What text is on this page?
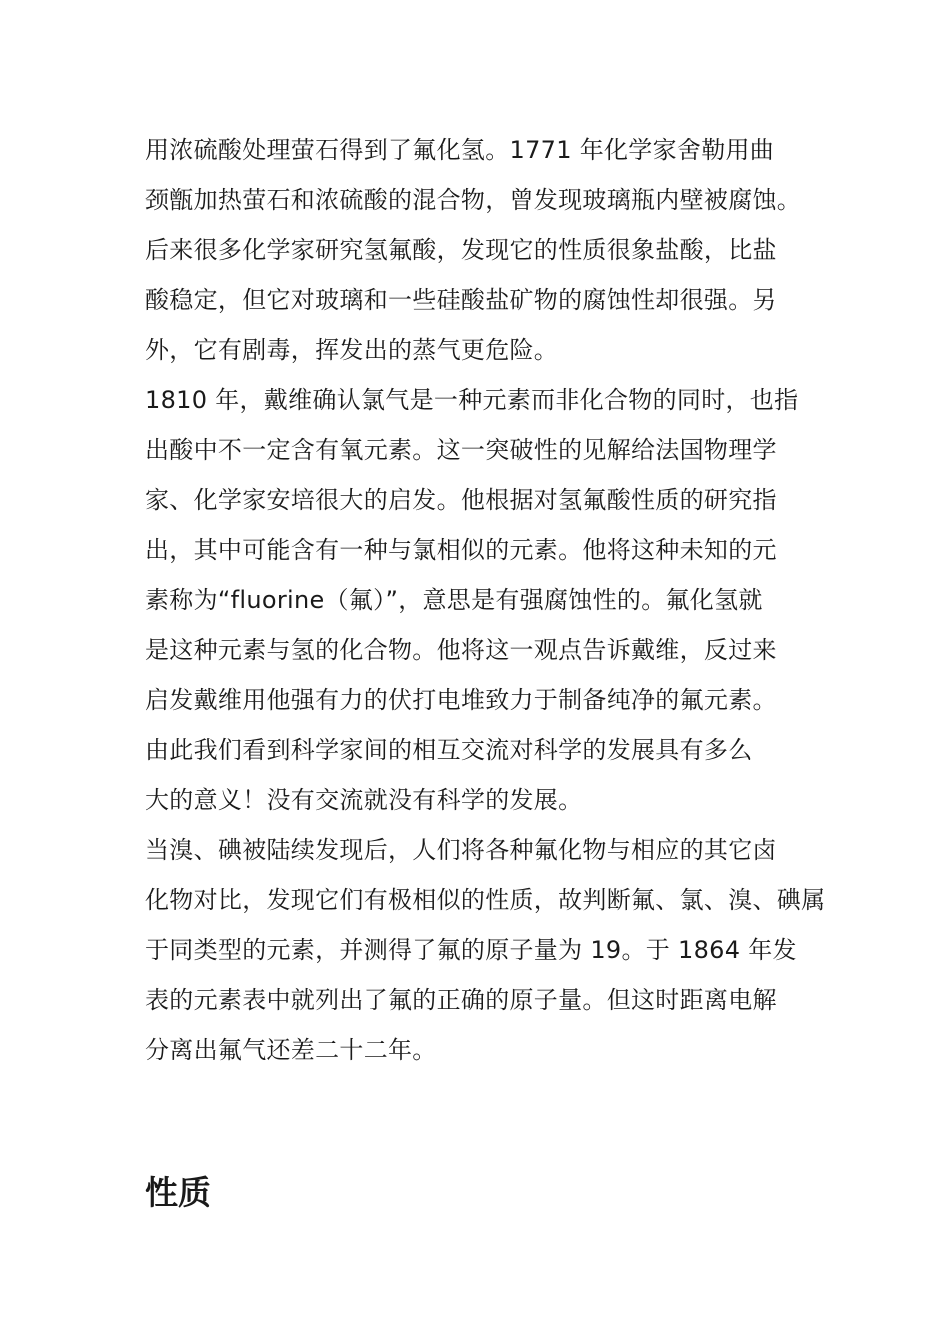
用浓硫酸处理萤石得到了氟化氢。1771 年化学家舍勒用曲
颈甑加热萤石和浓硫酸的混合物，曾发现玻璃瓶内壁被腐蚀。
后来很多化学家研究氢氟酸，发现它的性质很象盐酸，比盐
酸稳定，但它对玻璃和一些硅酸盐矿物的腐蚀性却很强。另
外，它有剧毒，挥发出的蒸气更危险。
1810 年，戴维确认氯气是一种元素而非化合物的同时，也指
出酸中不一定含有氧元素。这一突破性的见解给法国物理学
家、化学家安培很大的启发。他根据对氢氟酸性质的研究指
出，其中可能含有一种与氯相似的元素。他将这种未知的元
素称为“fluorine（氟）”，意思是有强腐蚀性的。氟化氢就
是这种元素与氢的化合物。他将这一观点告诉戴维，反过来
启发戴维用他强有力的伏打电堆致力于制备纯净的氟元素。
由此我们看到科学家间的相互交流对科学的发展具有多么
大的意义！没有交流就没有科学的发展。
当溴、碘被陆续发现后，人们将各种氟化物与相应的其它卤
化物对比，发现它们有极相似的性质，故判断氟、氯、溴、碘属
于同类型的元素，并测得了氟的原子量为 19。于 1864 年发
表的元素表中就列出了氟的正确的原子量。但这时距离电解
分离出氟气还差二十二年。
性质
